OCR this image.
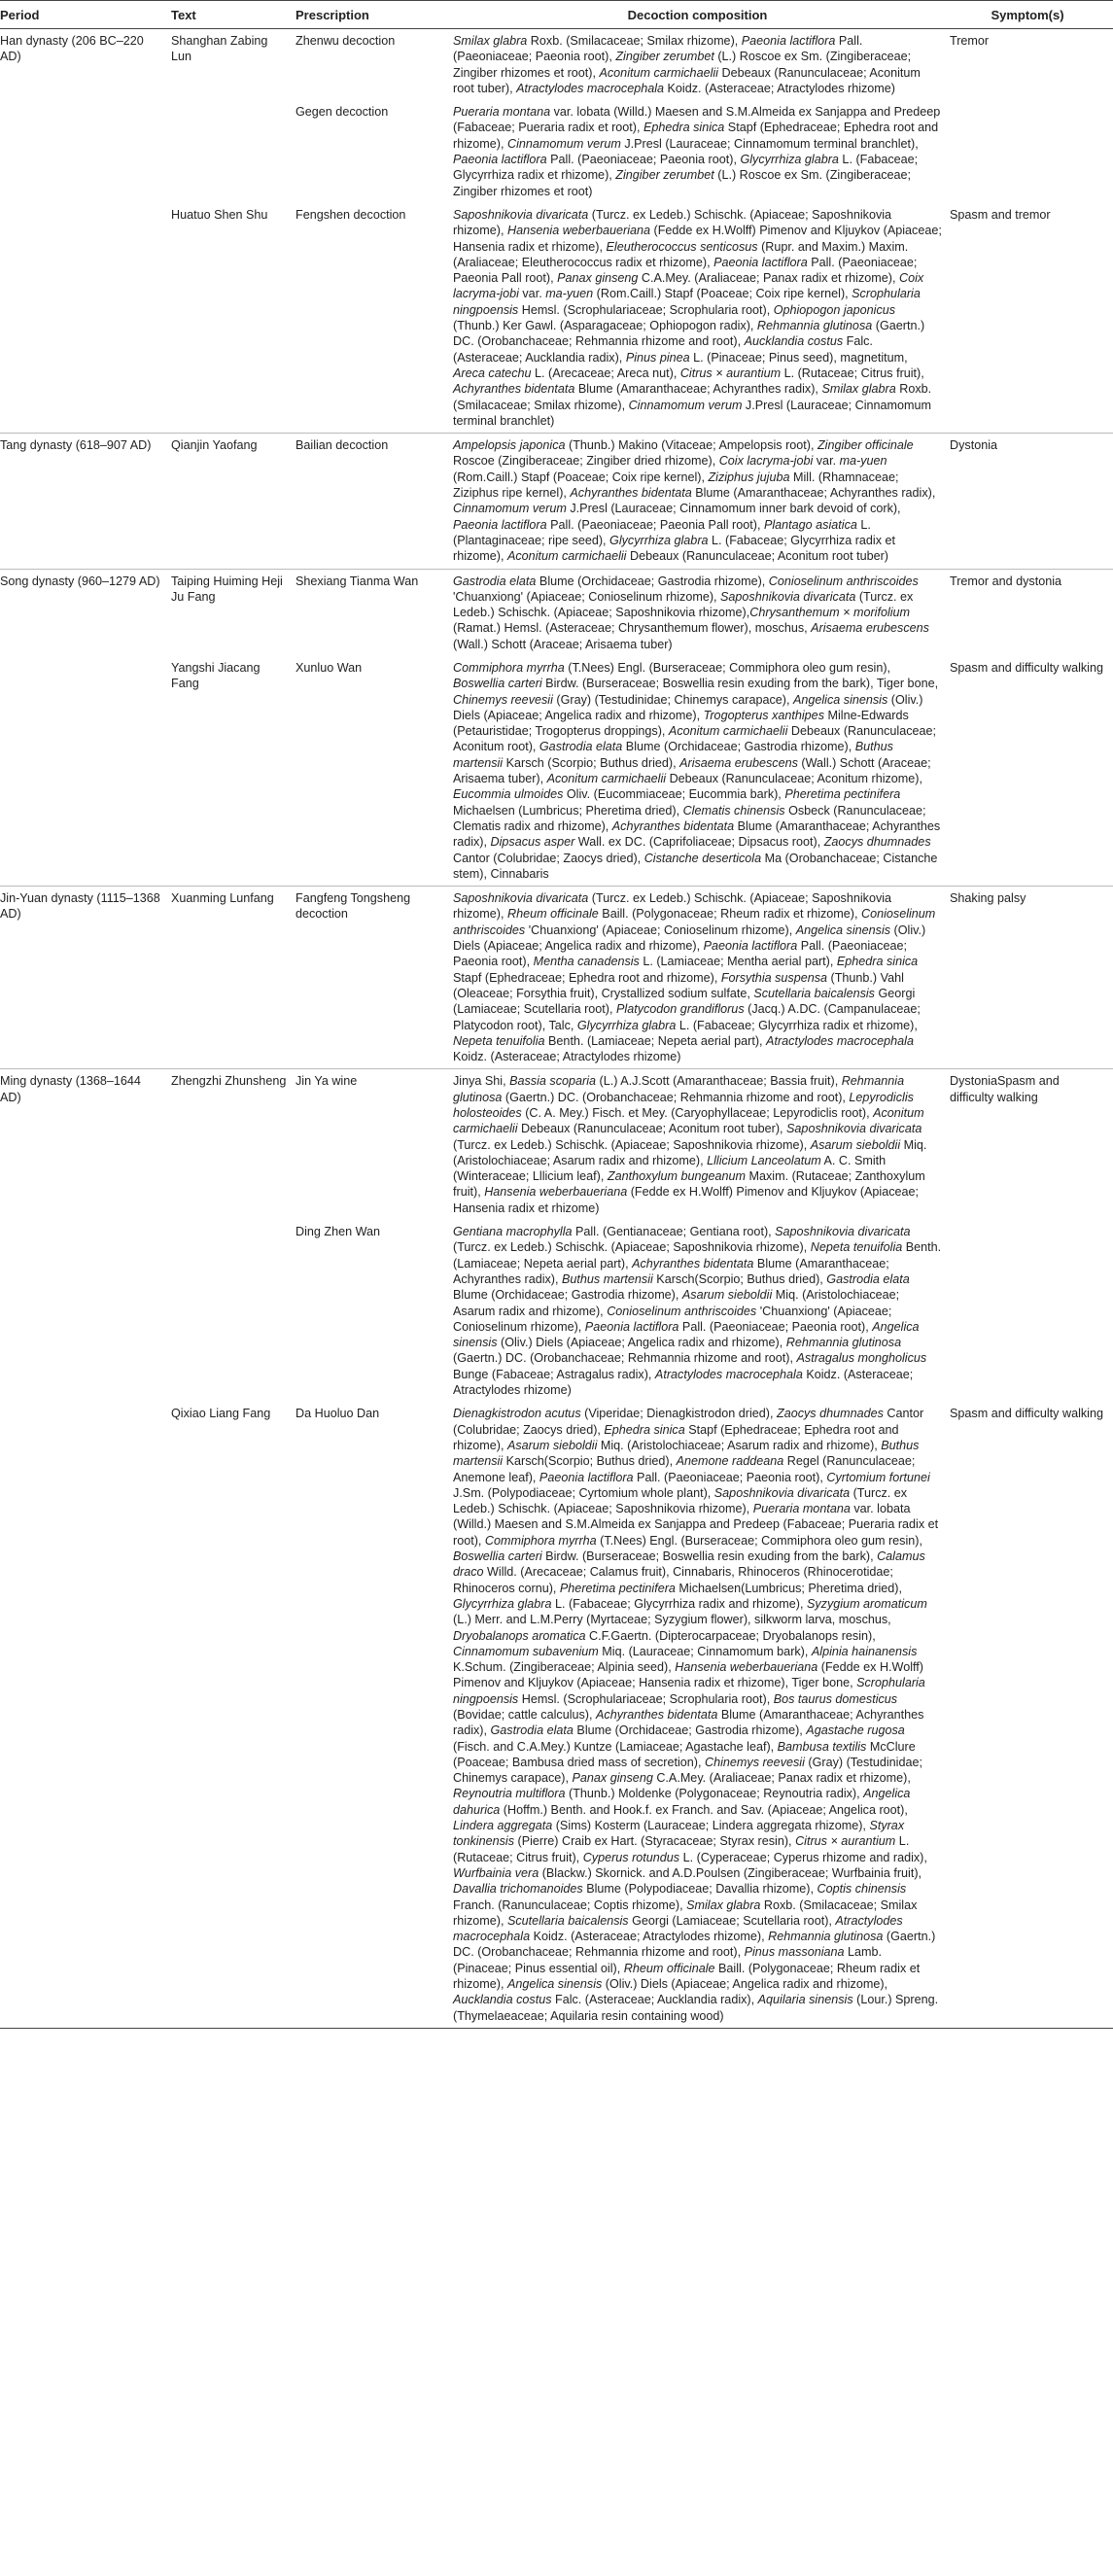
Period	Text	Prescription	Decoction composition	Symptom(s)
Han dynasty (206 BC–220 AD)	Shanghan Zabing Lun	Zhenwu decoction	Smilax glabra Roxb. (Smilacaceae; Smilax rhizome), Paeonia lactiflora Pall. (Paeoniaceae; Paeonia root), Zingiber zerumbet (L.) Roscoe ex Sm. (Zingiberaceae; Zingiber rhizomes et root), Aconitum carmichaelii Debeaux (Ranunculaceae; Aconitum root tuber), Atractylodes macrocephala Koidz. (Asteraceae; Atractylodes rhizome)	Tremor
		Gegen decoction	Pueraria montana var. lobata (Willd.) Maesen and S.M.Almeida ex Sanjappa and Predeep (Fabaceae; Pueraria radix et root), Ephedra sinica Stapf (Ephedraceae; Ephedra root and rhizome), Cinnamomum verum J.Presl (Lauraceae; Cinnamomum terminal branchlet), Paeonia lactiflora Pall. (Paeoniaceae; Paeonia root), Glycyrrhiza glabra L. (Fabaceae; Glycyrrhiza radix et rhizome), Zingiber zerumbet (L.) Roscoe ex Sm. (Zingiberaceae; Zingiber rhizomes et root)	
	Huatuo Shen Shu	Fengshen decoction	Saposhnikovia divaricata (Turcz. ex Ledeb.) Schischk. (Apiaceae; Saposhnikovia rhizome), Hansenia weberbaueriana (Fedde ex H.Wolff) Pimenov and Kljuykov (Apiaceae; Hansenia radix et rhizome), Eleutherococcus senticosus (Rupr. and Maxim.) Maxim. (Araliaceae; Eleutherococcus radix et rhizome), Paeonia lactiflora Pall. (Paeoniaceae; Paeonia Pall root), Panax ginseng C.A.Mey. (Araliaceae; Panax radix et rhizome), Coix lacryma-jobi var. ma-yuen (Rom.Caill.) Stapf (Poaceae; Coix ripe kernel), Scrophularia ningpoensis Hemsl. (Scrophulariaceae; Scrophularia root), Ophiopogon japonicus (Thunb.) Ker Gawl. (Asparagaceae; Ophiopogon radix), Rehmannia glutinosa (Gaertn.) DC. (Orobanchaceae; Rehmannia rhizome and root), Aucklandia costus Falc. (Asteraceae; Aucklandia radix), Pinus pinea L. (Pinaceae; Pinus seed), magnetitum, Areca catechu L. (Arecaceae; Areca nut), Citrus × aurantium L. (Rutaceae; Citrus fruit), Achyranthes bidentata Blume (Amaranthaceae; Achyranthes radix), Smilax glabra Roxb. (Smilacaceae; Smilax rhizome), Cinnamomum verum J.Presl (Lauraceae; Cinnamomum terminal branchlet)	Spasm and tremor
Tang dynasty (618–907 AD)	Qianjin Yaofang	Bailian decoction	Ampelopsis japonica (Thunb.) Makino (Vitaceae; Ampelopsis root), Zingiber officinale Roscoe (Zingiberaceae; Zingiber dried rhizome), Coix lacryma-jobi var. ma-yuen (Rom.Caill.) Stapf (Poaceae; Coix ripe kernel), Ziziphus jujuba Mill. (Rhamnaceae; Ziziphus ripe kernel), Achyranthes bidentata Blume (Amaranthaceae; Achyranthes radix), Cinnamomum verum J.Presl (Lauraceae; Cinnamomum inner bark devoid of cork), Paeonia lactiflora Pall. (Paeoniaceae; Paeonia Pall root), Plantago asiatica L. (Plantaginaceae; ripe seed), Glycyrrhiza glabra L. (Fabaceae; Glycyrrhiza radix et rhizome), Aconitum carmichaelii Debeaux (Ranunculaceae; Aconitum root tuber)	Dystonia
Song dynasty (960–1279 AD)	Taiping Huiming Heji Ju Fang	Shexiang Tianma Wan	Gastrodia elata Blume (Orchidaceae; Gastrodia rhizome), Conioselinum anthriscoides 'Chuanxiong' (Apiaceae; Conioselinum rhizome), Saposhnikovia divaricata (Turcz. ex Ledeb.) Schischk. (Apiaceae; Saposhnikovia rhizome),Chrysanthemum × morifolium (Ramat.) Hemsl. (Asteraceae; Chrysanthemum flower), moschus, Arisaema erubescens (Wall.) Schott (Araceae; Arisaema tuber)	Tremor and dystonia
	Yangshi Jiacang Fang	Xunluo Wan	Commiphora myrrha (T.Nees) Engl. (Burseraceae; Commiphora oleo gum resin), Boswellia carteri Birdw. (Burseraceae; Boswellia resin exuding from the bark), Tiger bone, Chinemys reevesii (Gray) (Testudinidae; Chinemys carapace), Angelica sinensis (Oliv.) Diels (Apiaceae; Angelica radix and rhizome), Trogopterus xanthipes Milne-Edwards (Petauristidae; Trogopterus droppings), Aconitum carmichaelii Debeaux (Ranunculaceae; Aconitum root), Gastrodia elata Blume (Orchidaceae; Gastrodia rhizome), Buthus martensii Karsch (Scorpio; Buthus dried), Arisaema erubescens (Wall.) Schott (Araceae; Arisaema tuber), Aconitum carmichaelii Debeaux (Ranunculaceae; Aconitum rhizome), Eucommia ulmoides Oliv. (Eucommiaceae; Eucommia bark), Pheretima pectinifera Michaelsen (Lumbricus; Pheretima dried), Clematis chinensis Osbeck (Ranunculaceae; Clematis radix and rhizome), Achyranthes bidentata Blume (Amaranthaceae; Achyranthes radix), Dipsacus asper Wall. ex DC. (Caprifoliaceae; Dipsacus root), Zaocys dhumnades Cantor (Colubridae; Zaocys dried), Cistanche deserticola Ma (Orobanchaceae; Cistanche stem), Cinnabaris	Spasm and difficulty walking
Jin-Yuan dynasty (1115–1368 AD)	Xuanming Lunfang	Fangfeng Tongsheng decoction	Saposhnikovia divaricata (Turcz. ex Ledeb.) Schischk. (Apiaceae; Saposhnikovia rhizome), Rheum officinale Baill. (Polygonaceae; Rheum radix et rhizome), Conioselinum anthriscoides 'Chuanxiong' (Apiaceae; Conioselinum rhizome), Angelica sinensis (Oliv.) Diels (Apiaceae; Angelica radix and rhizome), Paeonia lactiflora Pall. (Paeoniaceae; Paeonia root), Mentha canadensis L. (Lamiaceae; Mentha aerial part), Ephedra sinica Stapf (Ephedraceae; Ephedra root and rhizome), Forsythia suspensa (Thunb.) Vahl (Oleaceae; Forsythia fruit), Crystallized sodium sulfate, Scutellaria baicalensis Georgi (Lamiaceae; Scutellaria root), Platycodon grandiflorus (Jacq.) A.DC. (Campanulaceae; Platycodon root), Talc, Glycyrrhiza glabra L. (Fabaceae; Glycyrrhiza radix et rhizome), Nepeta tenuifolia Benth. (Lamiaceae; Nepeta aerial part), Atractylodes macrocephala Koidz. (Asteraceae; Atractylodes rhizome)	Shaking palsy
Ming dynasty (1368–1644 AD)	Zhengzhi Zhunsheng	Jin Ya wine	Jinya Shi, Bassia scoparia (L.) A.J.Scott (Amaranthaceae; Bassia fruit), Rehmannia glutinosa (Gaertn.) DC. (Orobanchaceae; Rehmannia rhizome and root), Lepyrodiclis holosteoides (C. A. Mey.) Fisch. et Mey. (Caryophyllaceae; Lepyrodiclis root), Aconitum carmichaelii Debeaux (Ranunculaceae; Aconitum root tuber), Saposhnikovia divaricata (Turcz. ex Ledeb.) Schischk. (Apiaceae; Saposhnikovia rhizome), Asarum sieboldii Miq. (Aristolochiaceae; Asarum radix and rhizome), Lllicium Lanceolatum A. C. Smith (Winteraceae; Lllicium leaf), Zanthoxylum bungeanum Maxim. (Rutaceae; Zanthoxylum fruit), Hansenia weberbaueriana (Fedde ex H.Wolff) Pimenov and Kljuykov (Apiaceae; Hansenia radix et rhizome)	DystoniaSpasm and difficulty walking
		Ding Zhen Wan	Gentiana macrophylla Pall. (Gentianaceae; Gentiana root), Saposhnikovia divaricata (Turcz. ex Ledeb.) Schischk. (Apiaceae; Saposhnikovia rhizome), Nepeta tenuifolia Benth. (Lamiaceae; Nepeta aerial part), Achyranthes bidentata Blume (Amaranthaceae; Achyranthes radix), Buthus martensii Karsch(Scorpio; Buthus dried), Gastrodia elata Blume (Orchidaceae; Gastrodia rhizome), Asarum sieboldii Miq. (Aristolochiaceae; Asarum radix and rhizome), Conioselinum anthriscoides 'Chuanxiong' (Apiaceae; Conioselinum rhizome), Paeonia lactiflora Pall. (Paeoniaceae; Paeonia root), Angelica sinensis (Oliv.) Diels (Apiaceae; Angelica radix and rhizome), Rehmannia glutinosa (Gaertn.) DC. (Orobanchaceae; Rehmannia rhizome and root), Astragalus mongholicus Bunge (Fabaceae; Astragalus radix), Atractylodes macrocephala Koidz. (Asteraceae; Atractylodes rhizome)	
	Qixiao Liang Fang	Da Huoluo Dan	Dienagkistrodon acutus (Viperidae; Dienagkistrodon dried), Zaocys dhumnades Cantor (Colubridae; Zaocys dried), Ephedra sinica Stapf (Ephedraceae; Ephedra root and rhizome), Asarum sieboldii Miq. (Aristolochiaceae; Asarum radix and rhizome), Buthus martensii Karsch(Scorpio; Buthus dried), Anemone raddeana Regel (Ranunculaceae; Anemone leaf), Paeonia lactiflora Pall. (Paeoniaceae; Paeonia root), Cyrtomium fortunei J.Sm. (Polypodiaceae; Cyrtomium whole plant), Saposhnikovia divaricata (Turcz. ex Ledeb.) Schischk. (Apiaceae; Saposhnikovia rhizome), Pueraria montana var. lobata (Willd.) Maesen and S.M.Almeida ex Sanjappa and Predeep (Fabaceae; Pueraria radix et root), Commiphora myrrha (T.Nees) Engl. (Burseraceae; Commiphora oleo gum resin), Boswellia carteri Birdw. (Burseraceae; Boswellia resin exuding from the bark), Calamus draco Willd. (Arecaceae; Calamus fruit), Cinnabaris, Rhinoceros (Rhinocerotidae; Rhinoceros cornu), Pheretima pectinifera Michaelsen(Lumbricus; Pheretima dried), Glycyrrhiza glabra L. (Fabaceae; Glycyrrhiza radix and rhizome), Syzygium aromaticum (L.) Merr. and L.M.Perry (Myrtaceae; Syzygium flower), silkworm larva, moschus, Dryobalanops aromatica C.F.Gaertn. (Dipterocarpaceae; Dryobalanops resin), Cinnamomum subavenium Miq. (Lauraceae; Cinnamomum bark), Alpinia hainanensis K.Schum. (Zingiberaceae; Alpinia seed), Hansenia weberbaueriana (Fedde ex H.Wolff) Pimenov and Kljuykov (Apiaceae; Hansenia radix et rhizome), Tiger bone, Scrophularia ningpoensis Hemsl. (Scrophulariaceae; Scrophularia root), Bos taurus domesticus (Bovidae; cattle calculus), Achyranthes bidentata Blume (Amaranthaceae; Achyranthes radix), Gastrodia elata Blume (Orchidaceae; Gastrodia rhizome), Agastache rugosa (Fisch. and C.A.Mey.) Kuntze (Lamiaceae; Agastache leaf), Bambusa textilis McClure (Poaceae; Bambusa dried mass of secretion), Chinemys reevesii (Gray) (Testudinidae; Chinemys carapace), Panax ginseng C.A.Mey. (Araliaceae; Panax radix et rhizome), Reynoutria multiflora (Thunb.) Moldenke (Polygonaceae; Reynoutria radix), Angelica dahurica (Hoffm.) Benth. and Hook.f. ex Franch. and Sav. (Apiaceae; Angelica root), Lindera aggregata (Sims) Kosterm (Lauraceae; Lindera aggregata rhizome), Styrax tonkinensis (Pierre) Craib ex Hart. (Styracaceae; Styrax resin), Citrus × aurantium L. (Rutaceae; Citrus fruit), Cyperus rotundus L. (Cyperaceae; Cyperus rhizome and radix), Wurfbainia vera (Blackw.) Skornick. and A.D.Poulsen (Zingiberaceae; Wurfbainia fruit), Davallia trichomanoides Blume (Polypodiaceae; Davallia rhizome), Coptis chinensis Franch. (Ranunculaceae; Coptis rhizome), Smilax glabra Roxb. (Smilacaceae; Smilax rhizome), Scutellaria baicalensis Georgi (Lamiaceae; Scutellaria root), Atractylodes macrocephala Koidz. (Asteraceae; Atractylodes rhizome), Rehmannia glutinosa (Gaertn.) DC. (Orobanchaceae; Rehmannia rhizome and root), Pinus massoniana Lamb. (Pinaceae; Pinus essential oil), Rheum officinale Baill. (Polygonaceae; Rheum radix et rhizome), Angelica sinensis (Oliv.) Diels (Apiaceae; Angelica radix and rhizome), Aucklandia costus Falc. (Asteraceae; Aucklandia radix), Aquilaria sinensis (Lour.) Spreng. (Thymelaeaceae; Aquilaria resin containing wood)	Spasm and difficulty walking
